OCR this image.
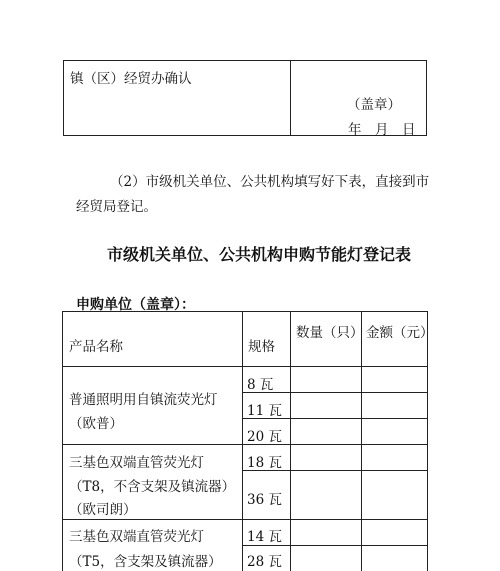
镇（区）经贸办确认
（盖章）
年　月　日
（2）市级机关单位、公共机构填写好下表，直接到市
经贸局登记。
市级机关单位、公共机构申购节能灯登记表
申购单位（盖章）：
产品名称	规格
数量（只） 金额（元）
普通照明用自镇流荧光灯
（欧普）
8 瓦
11 瓦
20 瓦
三基色双端直管荧光灯
（T8，不含支架及镇流器）
（欧司朗）
18 瓦
36 瓦
三基色双端直管荧光灯
（T5，含支架及镇流器）
14 瓦
28 瓦
